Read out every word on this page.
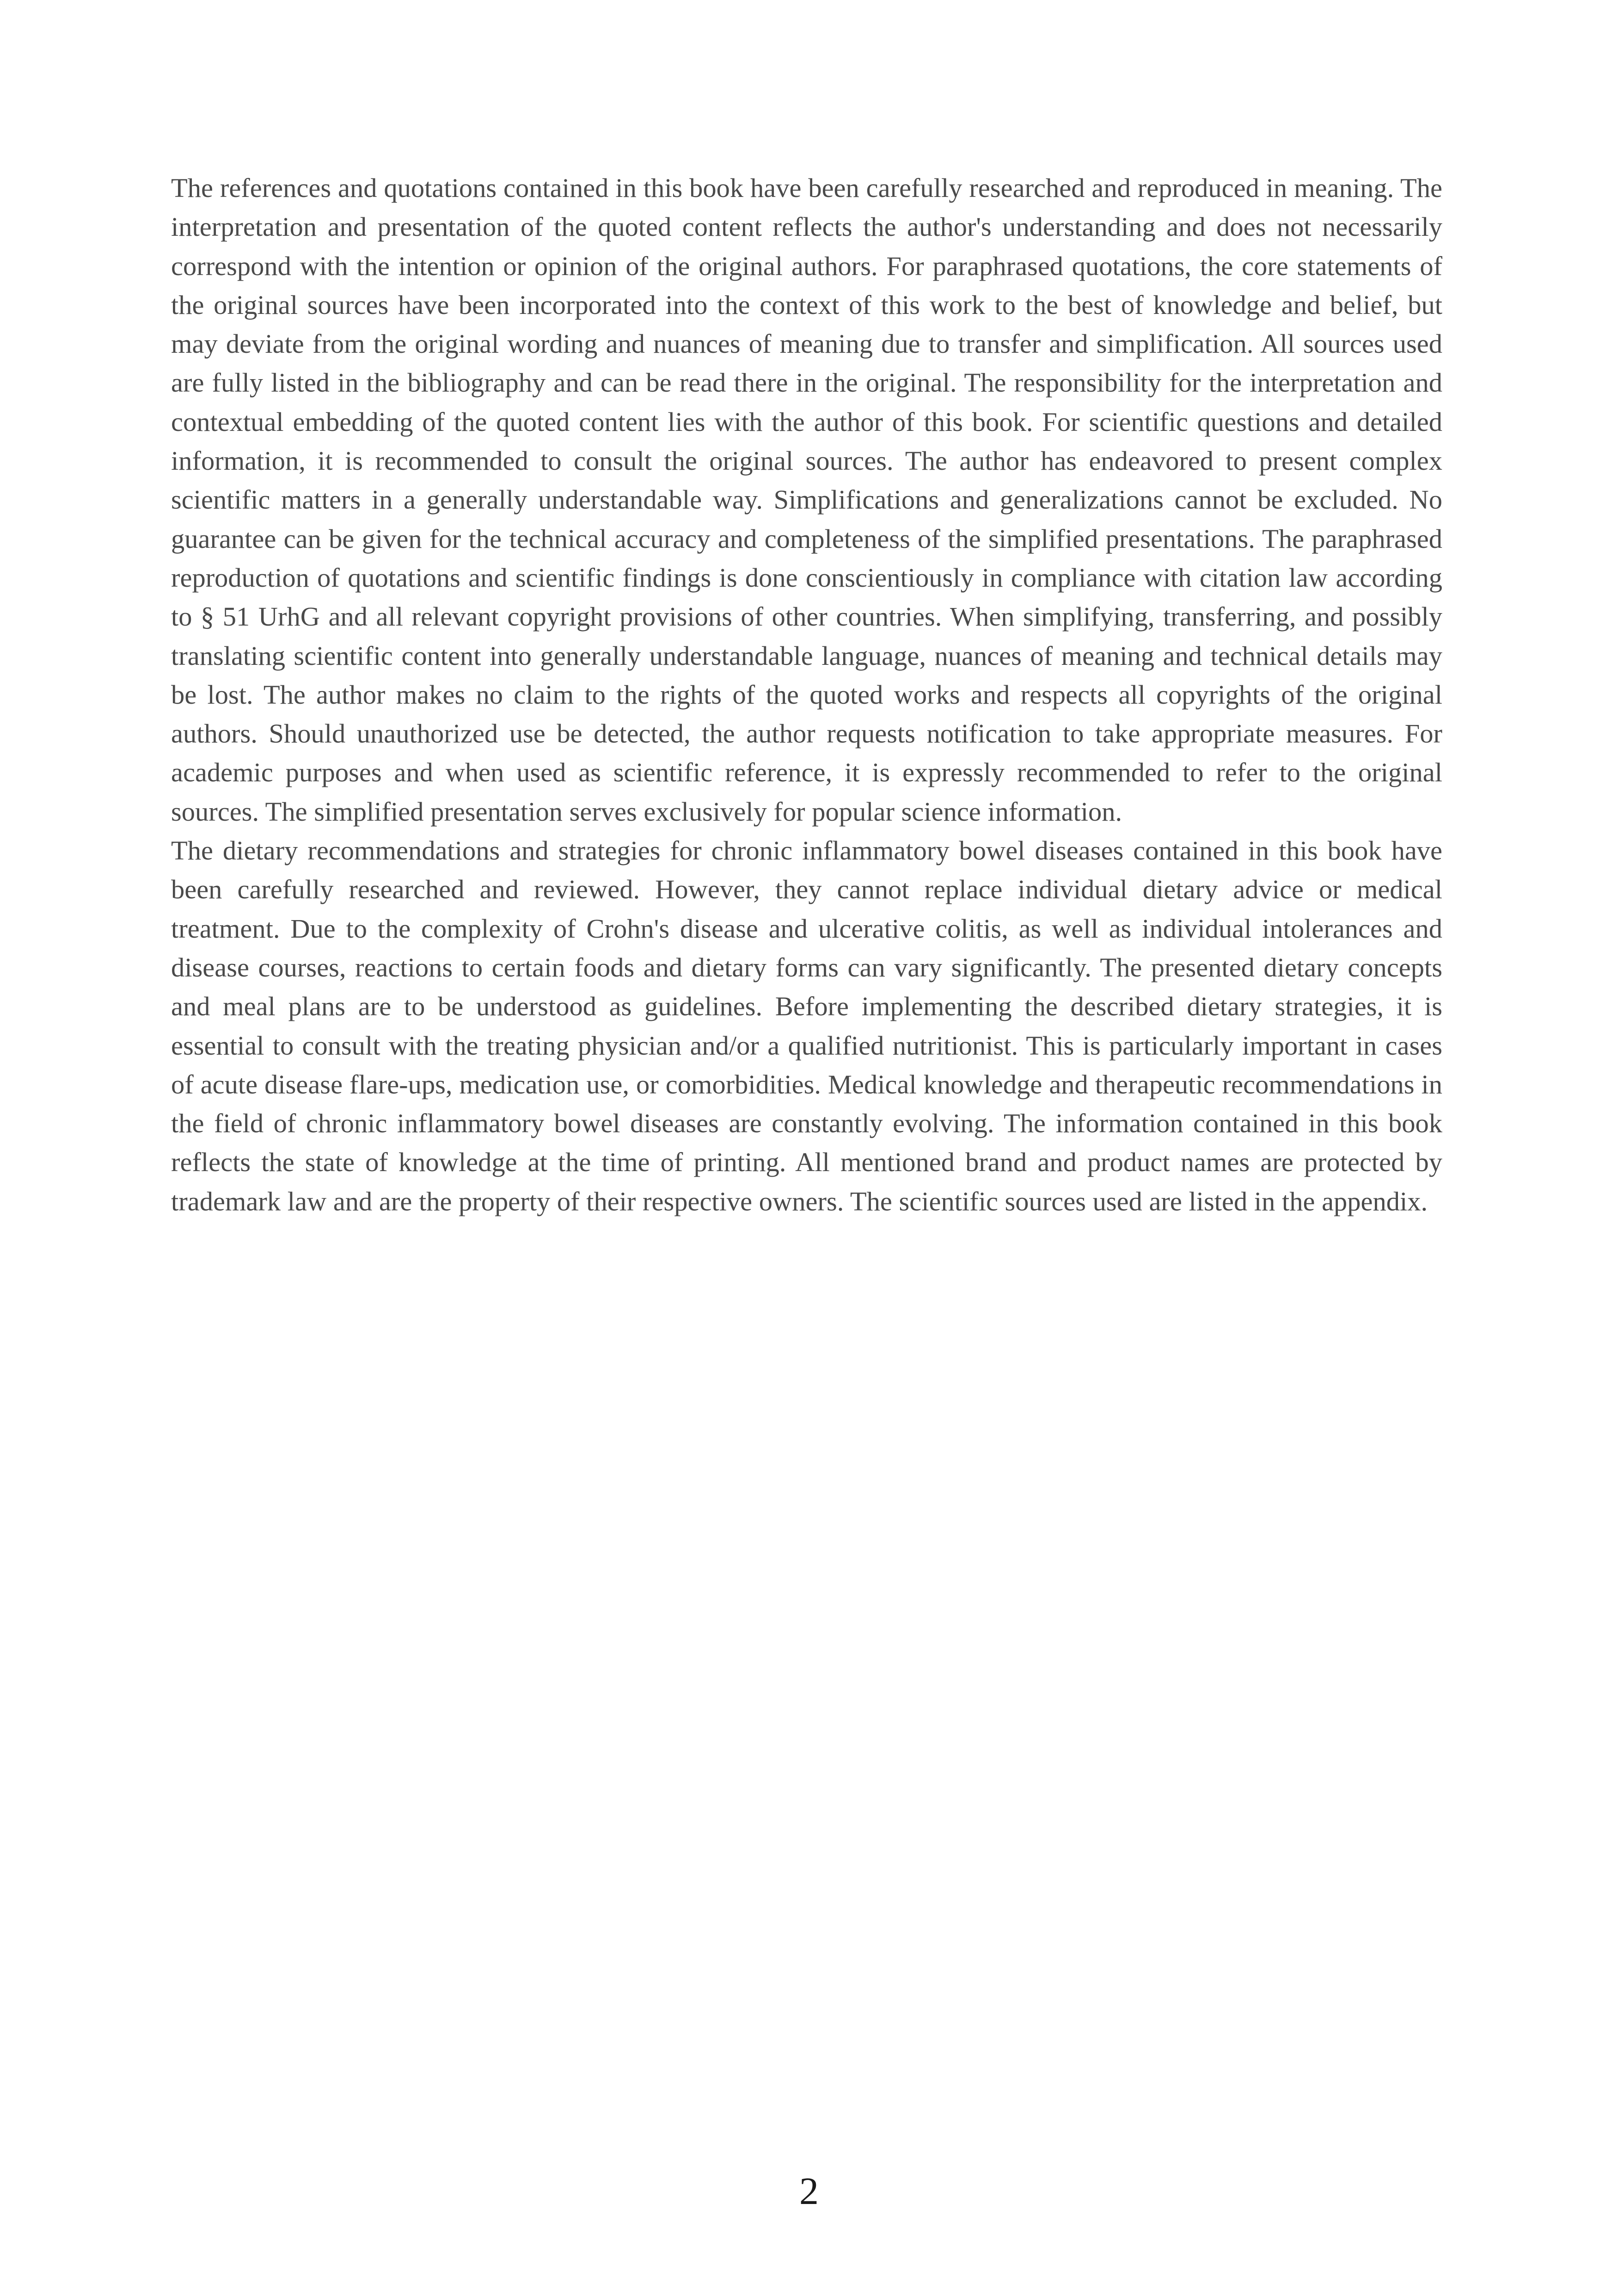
The references and quotations contained in this book have been carefully researched and reproduced in meaning. The interpretation and presentation of the quoted content reflects the author's understanding and does not necessarily correspond with the intention or opinion of the original authors. For paraphrased quotations, the core statements of the original sources have been incorporated into the context of this work to the best of knowledge and belief, but may deviate from the original wording and nuances of meaning due to transfer and simplification. All sources used are fully listed in the bibliography and can be read there in the original. The responsibility for the interpretation and contextual embedding of the quoted content lies with the author of this book. For scientific questions and detailed information, it is recommended to consult the original sources. The author has endeavored to present complex scientific matters in a generally understandable way. Simplifications and generalizations cannot be excluded. No guarantee can be given for the technical accuracy and completeness of the simplified presentations. The paraphrased reproduction of quotations and scientific findings is done conscientiously in compliance with citation law according to § 51 UrhG and all relevant copyright provisions of other countries. When simplifying, transferring, and possibly translating scientific content into generally understandable language, nuances of meaning and technical details may be lost. The author makes no claim to the rights of the quoted works and respects all copyrights of the original authors. Should unauthorized use be detected, the author requests notification to take appropriate measures. For academic purposes and when used as scientific reference, it is expressly recommended to refer to the original sources. The simplified presentation serves exclusively for popular science information.

The dietary recommendations and strategies for chronic inflammatory bowel diseases contained in this book have been carefully researched and reviewed. However, they cannot replace individual dietary advice or medical treatment. Due to the complexity of Crohn's disease and ulcerative colitis, as well as individual intolerances and disease courses, reactions to certain foods and dietary forms can vary significantly. The presented dietary concepts and meal plans are to be understood as guidelines. Before implementing the described dietary strategies, it is essential to consult with the treating physician and/or a qualified nutritionist. This is particularly important in cases of acute disease flare-ups, medication use, or comorbidities. Medical knowledge and therapeutic recommendations in the field of chronic inflammatory bowel diseases are constantly evolving. The information contained in this book reflects the state of knowledge at the time of printing. All mentioned brand and product names are protected by trademark law and are the property of their respective owners. The scientific sources used are listed in the appendix.

2
